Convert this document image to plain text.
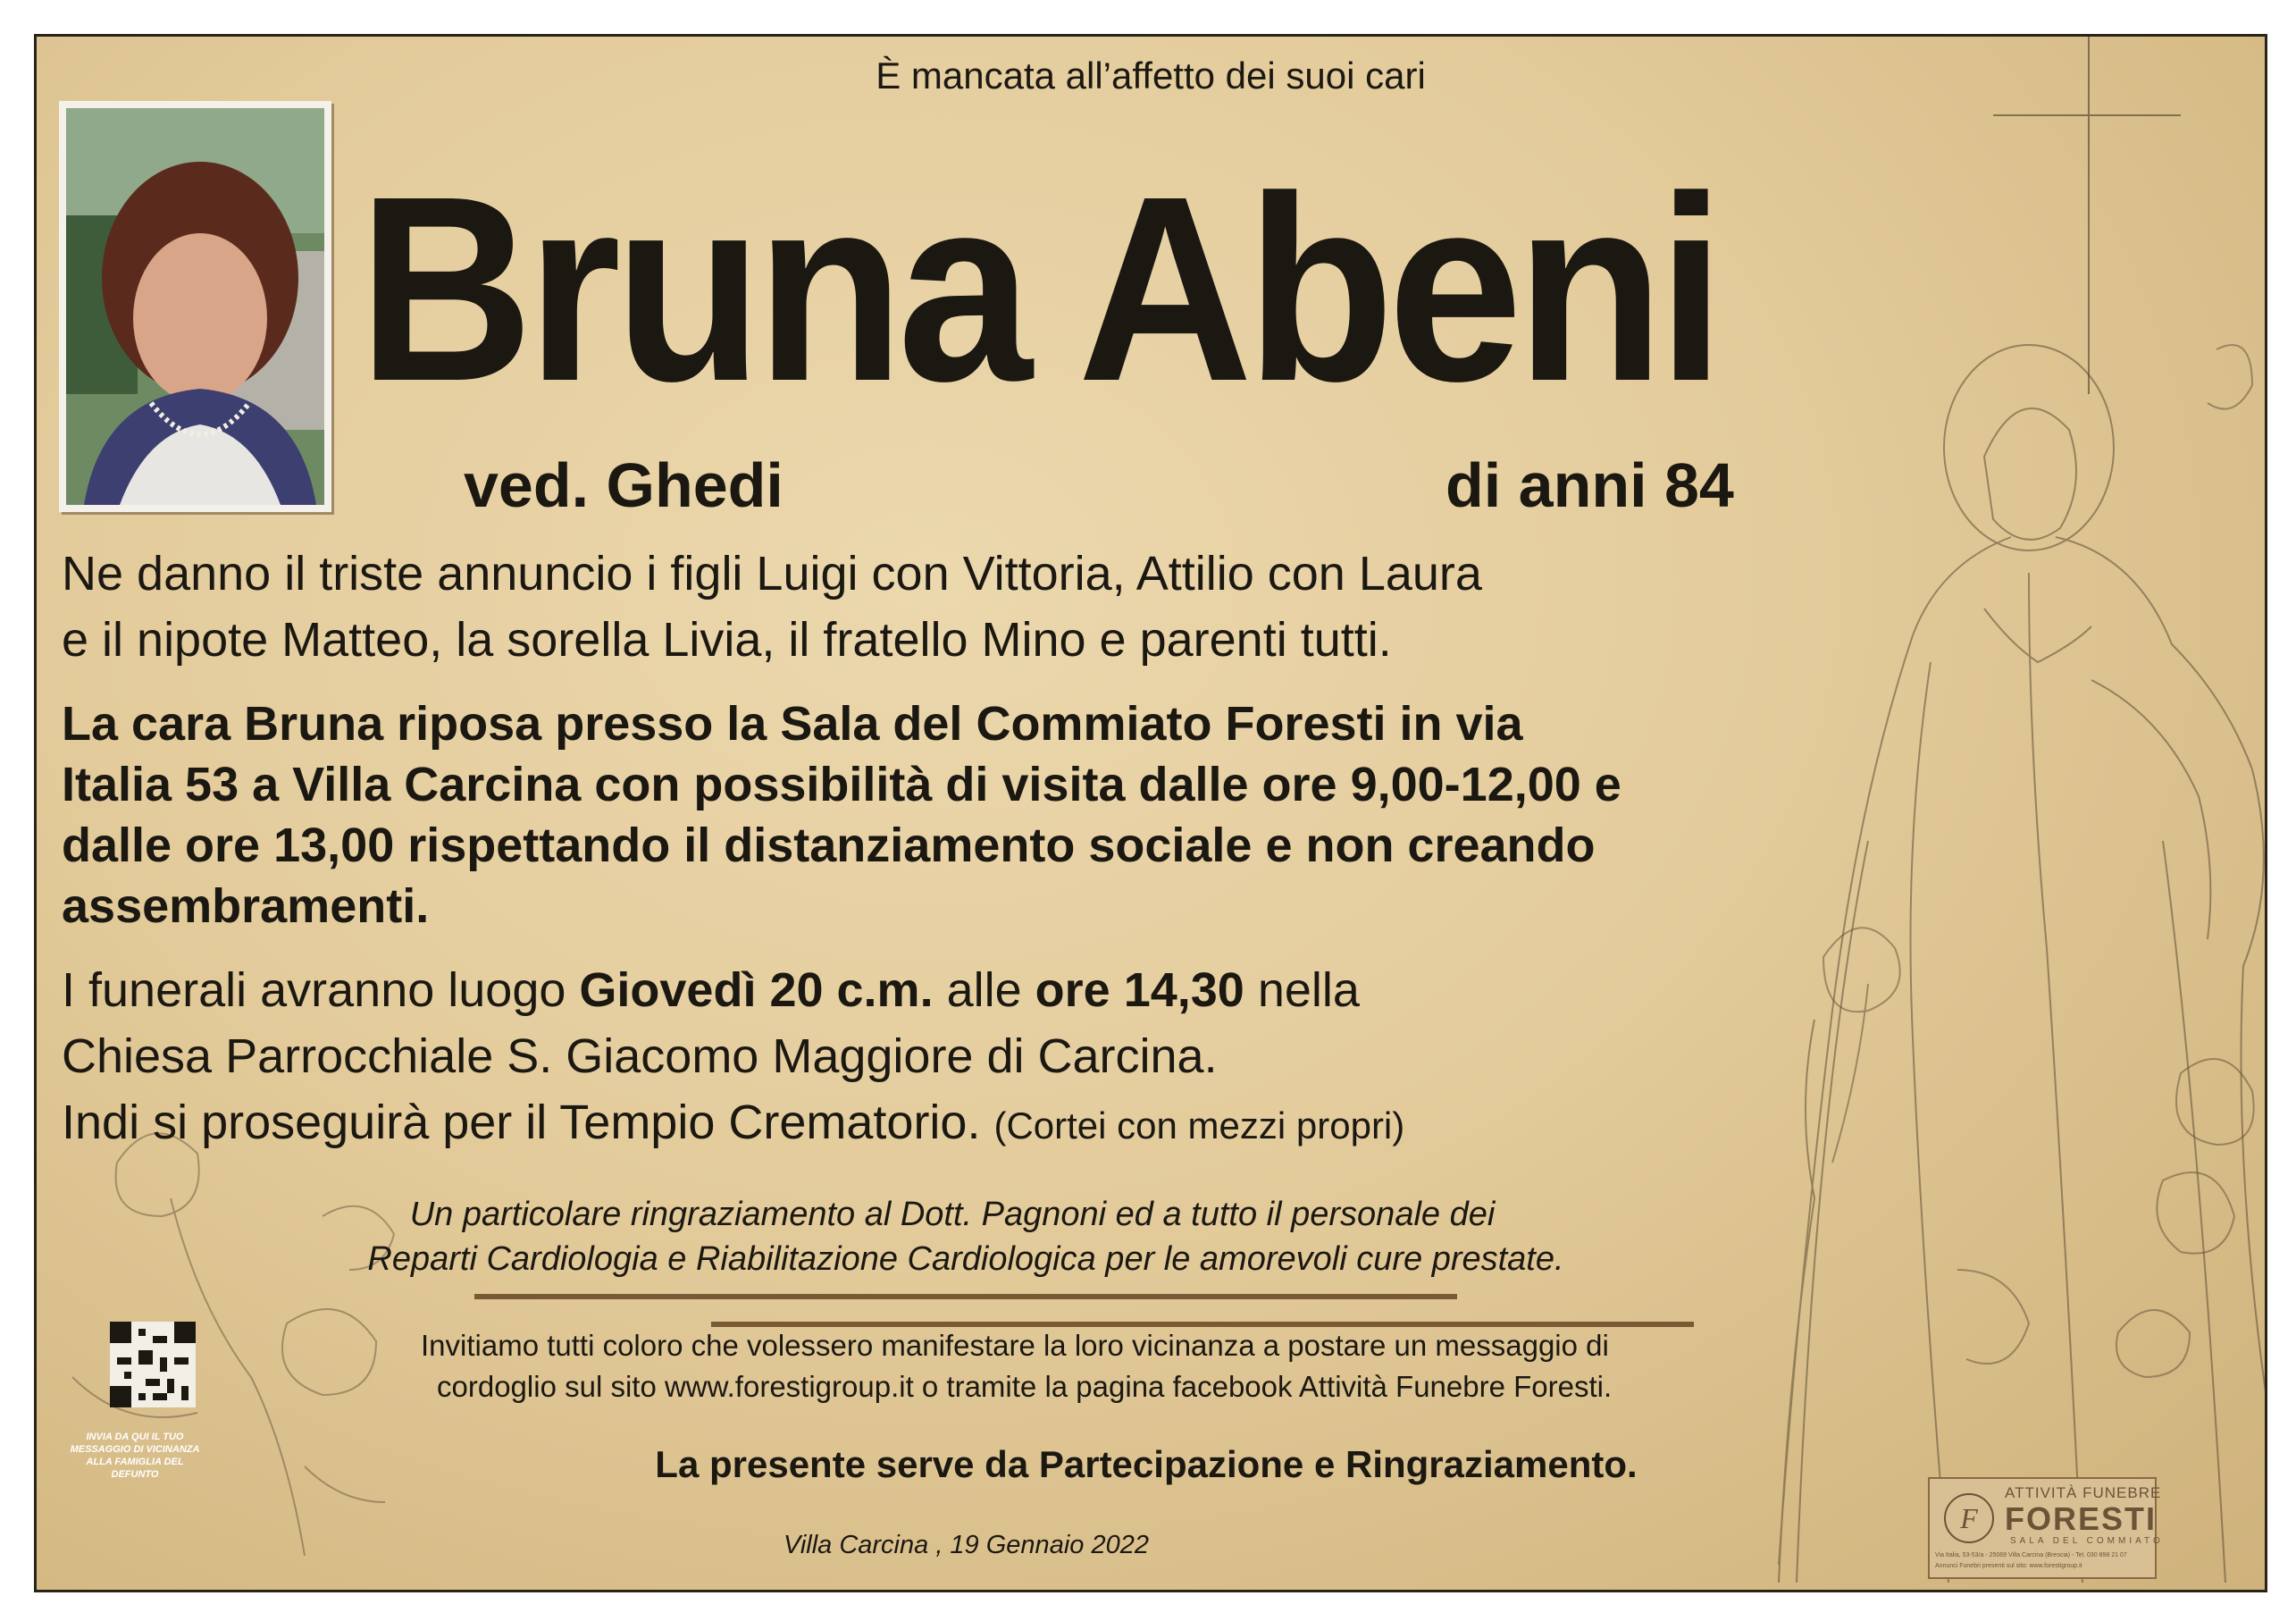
È mancata all’affetto dei suoi cari
Bruna Abeni
ved. Ghedi	di anni 84
Ne danno il triste annuncio i figli Luigi con Vittoria, Attilio con Laura
e il nipote Matteo, la sorella Livia, il fratello Mino e parenti tutti.
La cara Bruna riposa presso la Sala del Commiato Foresti in via
Italia 53 a Villa Carcina con possibilità di visita dalle ore 9,00-12,00 e
dalle ore 13,00 rispettando il distanziamento sociale e non creando
assembramenti.
I funerali avranno luogo Giovedì 20 c.m. alle ore 14,30 nella
Chiesa Parrocchiale S. Giacomo Maggiore di Carcina.
Indi si proseguirà per il Tempio Crematorio. (Cortei con mezzi propri)
Un particolare ringraziamento al Dott. Pagnoni ed a tutto il personale dei
Reparti Cardiologia e Riabilitazione Cardiologica per le amorevoli cure prestate.
Invitiamo tutti coloro che volessero manifestare la loro vicinanza a postare un messaggio di
cordoglio sul sito www.forestigroup.it o tramite la pagina facebook Attività Funebre Foresti.
La presente serve da Partecipazione e Ringraziamento.
Villa Carcina , 19 Gennaio 2022
INVIA DA QUI IL TUO MESSAGGIO DI VICINANZA ALLA FAMIGLIA DEL DEFUNTO
ATTIVITÀ FUNEBRE
FORESTI
SALA DEL COMMIATO
F
Via Italia, 53-53/a - 25069 Villa Carcina (Brescia) - Tel. 030 898 21 07
Annunci Funebri presenti sul sito: www.forestigroup.it
